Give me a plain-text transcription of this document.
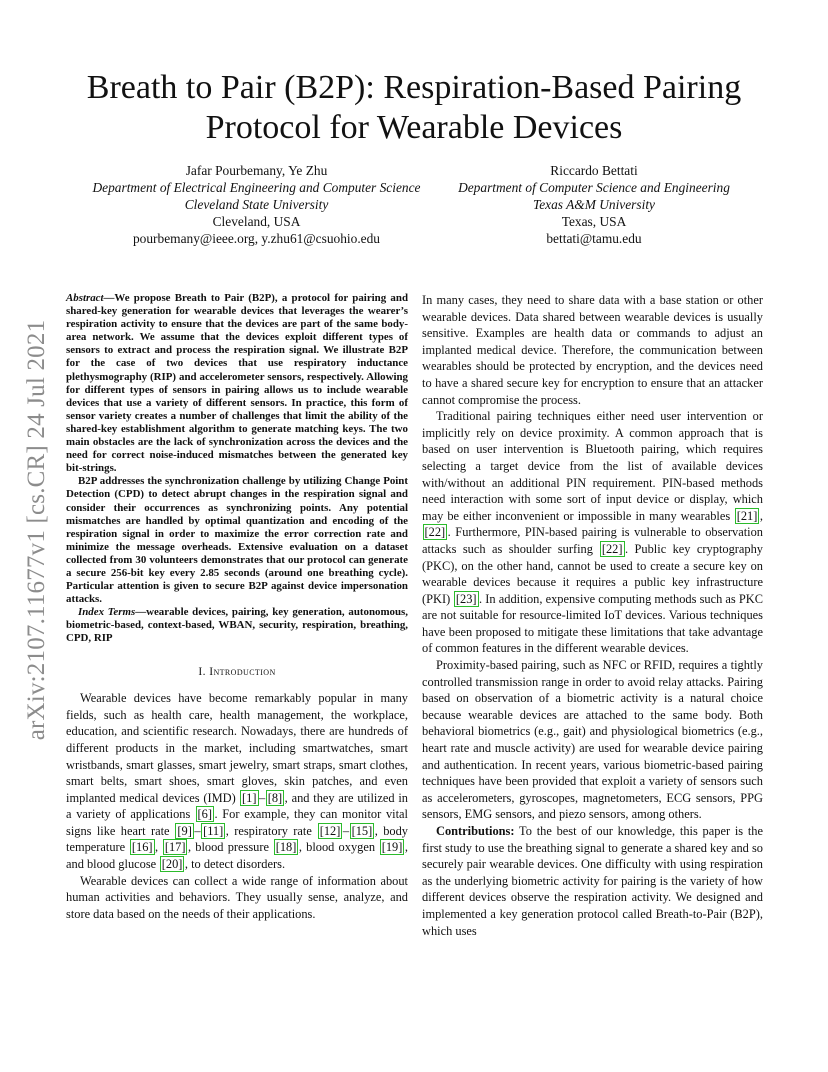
arXiv:2107.11677v1 [cs.CR] 24 Jul 2021
Breath to Pair (B2P): Respiration-Based Pairing Protocol for Wearable Devices
Jafar Pourbemany, Ye Zhu
Department of Electrical Engineering and Computer Science
Cleveland State University
Cleveland, USA
pourbemany@ieee.org, y.zhu61@csuohio.edu
Riccardo Bettati
Department of Computer Science and Engineering
Texas A&M University
Texas, USA
bettati@tamu.edu

Abstract—We propose Breath to Pair (B2P), a protocol for pairing and shared-key generation for wearable devices that leverages the wearer’s respiration activity to ensure that the devices are part of the same body-area network. We assume that the devices exploit different types of sensors to extract and process the respiration signal. We illustrate B2P for the case of two devices that use respiratory inductance plethysmography (RIP) and accelerometer sensors, respectively. Allowing for different types of sensors in pairing allows us to include wearable devices that use a variety of different sensors. In practice, this form of sensor variety creates a number of challenges that limit the ability of the shared-key establishment algorithm to generate matching keys. The two main obstacles are the lack of synchronization across the devices and the need for correct noise-induced mismatches between the generated key bit-strings.

B2P addresses the synchronization challenge by utilizing Change Point Detection (CPD) to detect abrupt changes in the respiration signal and consider their occurrences as synchronizing points. Any potential mismatches are handled by optimal quantization and encoding of the respiration signal in order to maximize the error correction rate and minimize the message overheads. Extensive evaluation on a dataset collected from 30 volunteers demonstrates that our protocol can generate a secure 256-bit key every 2.85 seconds (around one breathing cycle). Particular attention is given to secure B2P against device impersonation attacks.

Index Terms—wearable devices, pairing, key generation, autonomous, biometric-based, context-based, WBAN, security, respiration, breathing, CPD, RIP

I. Introduction

Wearable devices have become remarkably popular in many fields, such as health care, health management, the workplace, education, and scientific research. Nowadays, there are hundreds of different products in the market, including smartwatches, smart wristbands, smart glasses, smart jewelry, smart straps, smart clothes, smart belts, smart shoes, smart gloves, skin patches, and even implanted medical devices (IMD) [1] – [8] , and they are utilized in a variety of applications [6] . For example, they can monitor vital signs like heart rate [9] – [11] , respiratory rate [12] – [15] , body temperature [16] , [17] , blood pressure [18] , blood oxygen [19] , and blood glucose [20] , to detect disorders.

Wearable devices can collect a wide range of information about human activities and behaviors. They usually sense, analyze, and store data based on the needs of their applications.

In many cases, they need to share data with a base station or other wearable devices. Data shared between wearable devices is usually sensitive. Examples are health data or commands to adjust an implanted medical device. Therefore, the communication between wearables should be protected by encryption, and the devices need to have a shared secure key for encryption to ensure that an attacker cannot compromise the process.

Traditional pairing techniques either need user intervention or implicitly rely on device proximity. A common approach that is based on user intervention is Bluetooth pairing, which requires selecting a target device from the list of available devices with/without an additional PIN requirement. PIN-based methods need interaction with some sort of input device or display, which may be either inconvenient or impossible in many wearables [21] , [22] . Furthermore, PIN-based pairing is vulnerable to observation attacks such as shoulder surfing [22] . Public key cryptography (PKC), on the other hand, cannot be used to create a secure key on wearable devices because it requires a public key infrastructure (PKI) [23] . In addition, expensive computing methods such as PKC are not suitable for resource-limited IoT devices. Various techniques have been proposed to mitigate these limitations that take advantage of common features in the different wearable devices.

Proximity-based pairing, such as NFC or RFID, requires a tightly controlled transmission range in order to avoid relay attacks. Pairing based on observation of a biometric activity is a natural choice because wearable devices are attached to the same body. Both behavioral biometrics (e.g., gait) and physiological biometrics (e.g., heart rate and muscle activity) are used for wearable device pairing and authentication. In recent years, various biometric-based pairing techniques have been provided that exploit a variety of sensors such as accelerometers, gyroscopes, magnetometers, ECG sensors, PPG sensors, EMG sensors, and piezo sensors, among others.

Contributions: To the best of our knowledge, this paper is the first study to use the breathing signal to generate a shared key and so securely pair wearable devices. One difficulty with using respiration as the underlying biometric activity for pairing is the variety of how different devices observe the respiration activity. We designed and implemented a key generation protocol called Breath-to-Pair (B2P), which uses
